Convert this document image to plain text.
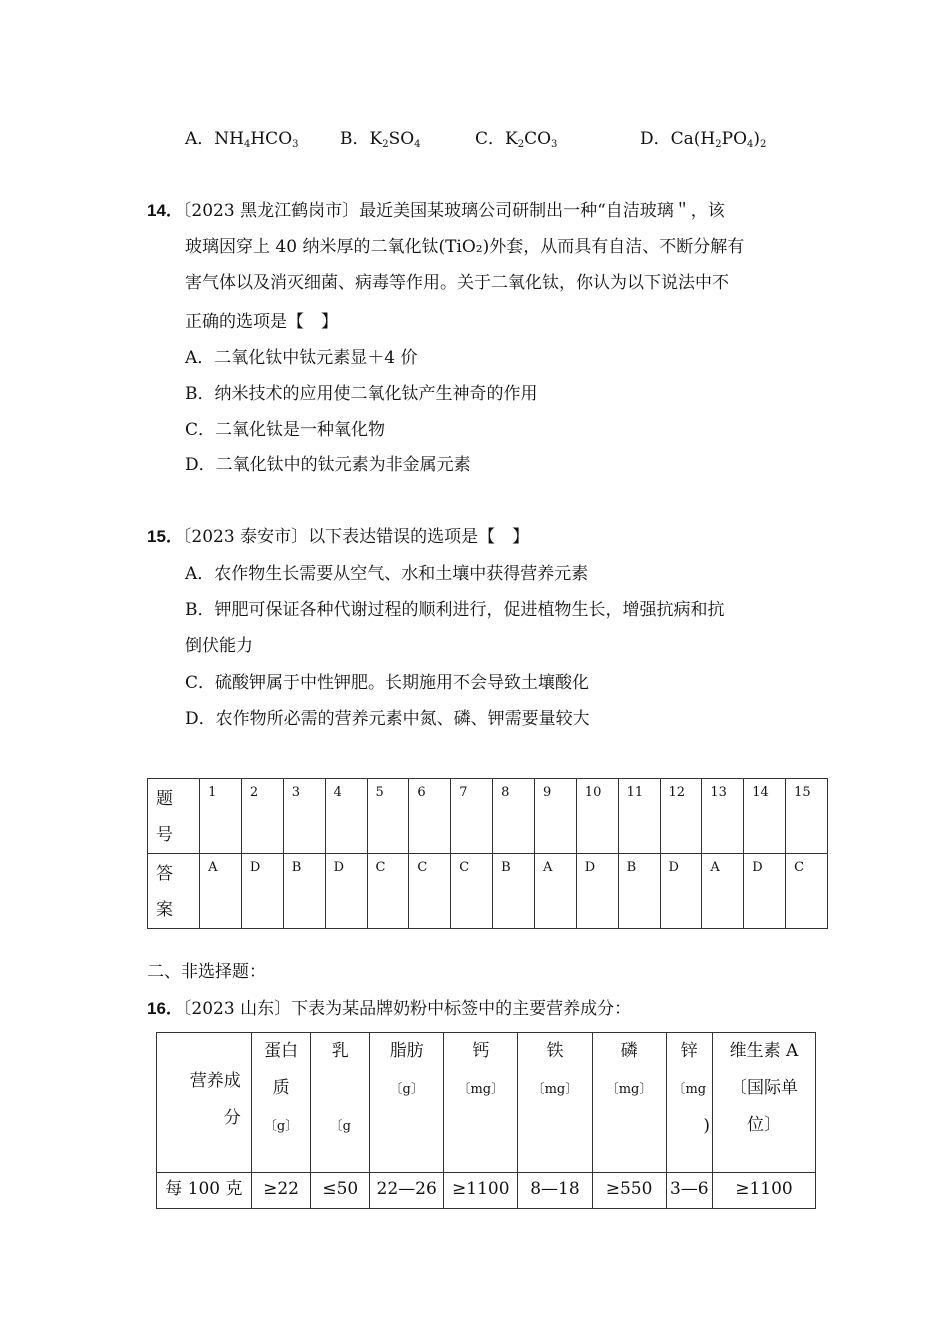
A．$NH_4HCO_3$ B．$K_2SO_4$	C．$K_2CO_3$	D．$Ca(H_2PO_4)_2$
14．〔2023 黑龙江鹤岗市〕最近美国某玻璃公司研制出一种“自洁玻璃＂，该
玻璃因穿上 40 纳米厚的二氧化钛(TiO₂)外套，从而具有自洁、不断分解有
害气体以及消灭细菌、病毒等作用。关于二氧化钛，你认为以下说法中不
正确的选项是【　】
A．二氧化钛中钛元素显＋4 价
B．纳米技术的应用使二氧化钛产生神奇的作用
C．二氧化钛是一种氧化物
D．二氧化钛中的钛元素为非金属元素
15．〔2023 泰安市〕以下表达错误的选项是【　】
A．农作物生长需要从空气、水和土壤中获得营养元素
B．钾肥可保证各种代谢过程的顺利进行，促进植物生长，增强抗病和抗
倒伏能力
C．硫酸钾属于中性钾肥。长期施用不会导致土壤酸化
D．农作物所必需的营养元素中氮、磷、钾需要量较大
题
号	1	2	3	4	5	6	7	8	9	10	11	12	13	14	15
答
案	A	D	B	D	C	C	C	B	A	D	B	D	A	D	C
二、非选择题：
16．〔2023 山东〕下表为某品牌奶粉中标签中的主要营养成分：
营养成
分	蛋白
质
〔g〕	乳

〔g	脂肪
〔g〕	钙
〔mg〕	铁
〔mg〕	磷
〔mg〕	锌
〔mg

)	维生素 A
〔国际单
位〕
每 100 克	≥22	≤50	22—26	≥1100	8—18	≥550	3—6	≥1100
